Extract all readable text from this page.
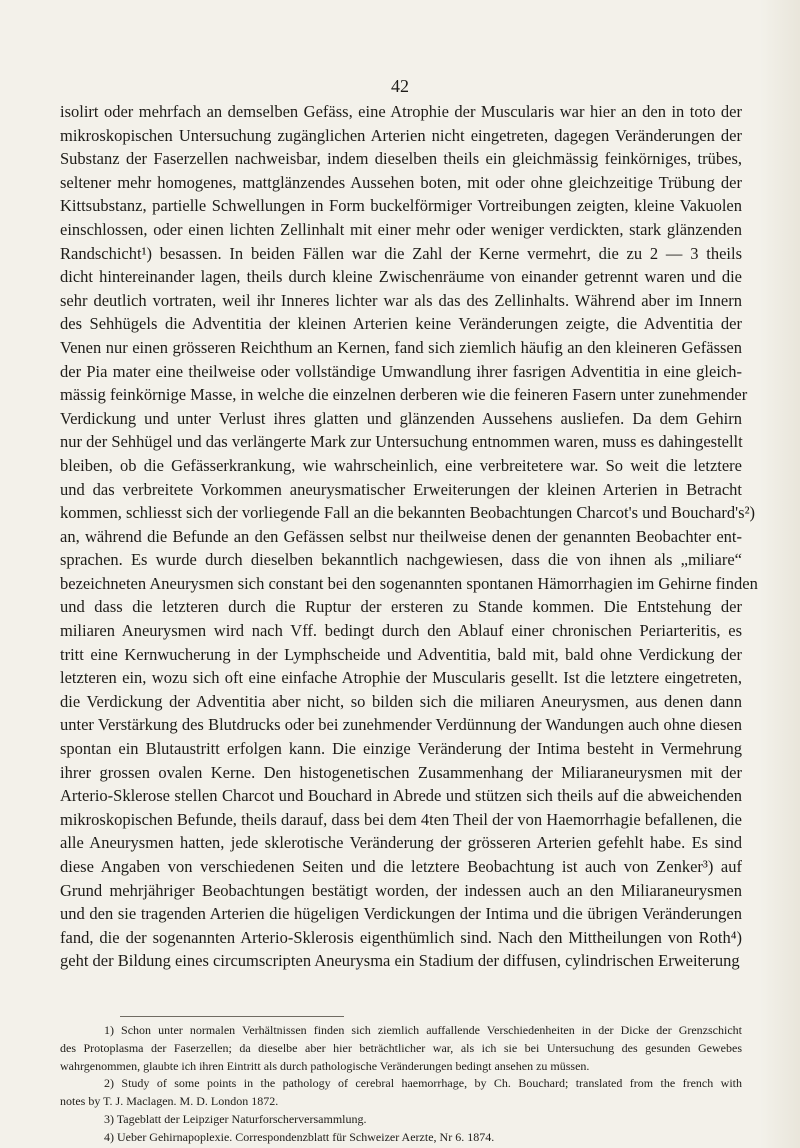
42
isolirt oder mehrfach an demselben Gefäss, eine Atrophie der Muscularis war hier an den in toto der
mikroskopischen Untersuchung zugänglichen Arterien nicht eingetreten, dagegen Veränderungen der
Substanz der Faserzellen nachweisbar, indem dieselben theils ein gleichmässig feinkörniges, trübes,
seltener mehr homogenes, mattglänzendes Aussehen boten, mit oder ohne gleichzeitige Trübung der
Kittsubstanz, partielle Schwellungen in Form buckelförmiger Vortreibungen zeigten, kleine Vakuolen
einschlossen, oder einen lichten Zellinhalt mit einer mehr oder weniger verdickten, stark glänzenden
Randschicht¹) besassen. In beiden Fällen war die Zahl der Kerne vermehrt, die zu 2 — 3 theils
dicht hintereinander lagen, theils durch kleine Zwischenräume von einander getrennt waren und die
sehr deutlich vortraten, weil ihr Inneres lichter war als das des Zellinhalts. Während aber im Innern
des Sehhügels die Adventitia der kleinen Arterien keine Veränderungen zeigte, die Adventitia der
Venen nur einen grösseren Reichthum an Kernen, fand sich ziemlich häufig an den kleineren Gefässen
der Pia mater eine theilweise oder vollständige Umwandlung ihrer fasrigen Adventitia in eine gleich-
mässig feinkörnige Masse, in welche die einzelnen derberen wie die feineren Fasern unter zunehmender
Verdickung und unter Verlust ihres glatten und glänzenden Aussehens ausliefen. Da dem Gehirn
nur der Sehhügel und das verlängerte Mark zur Untersuchung entnommen waren, muss es dahingestellt
bleiben, ob die Gefässerkrankung, wie wahrscheinlich, eine verbreitetere war. So weit die letztere
und das verbreitete Vorkommen aneurysmatischer Erweiterungen der kleinen Arterien in Betracht
kommen, schliesst sich der vorliegende Fall an die bekannten Beobachtungen Charcot's und Bouchard's²)
an, während die Befunde an den Gefässen selbst nur theilweise denen der genannten Beobachter ent-
sprachen. Es wurde durch dieselben bekanntlich nachgewiesen, dass die von ihnen als „miliare“
bezeichneten Aneurysmen sich constant bei den sogenannten spontanen Hämorrhagien im Gehirne finden
und dass die letzteren durch die Ruptur der ersteren zu Stande kommen. Die Entstehung der
miliaren Aneurysmen wird nach Vff. bedingt durch den Ablauf einer chronischen Periarteritis, es
tritt eine Kernwucherung in der Lymphscheide und Adventitia, bald mit, bald ohne Verdickung der
letzteren ein, wozu sich oft eine einfache Atrophie der Muscularis gesellt. Ist die letztere eingetreten,
die Verdickung der Adventitia aber nicht, so bilden sich die miliaren Aneurysmen, aus denen dann
unter Verstärkung des Blutdrucks oder bei zunehmender Verdünnung der Wandungen auch ohne diesen
spontan ein Blutaustritt erfolgen kann. Die einzige Veränderung der Intima besteht in Vermehrung
ihrer grossen ovalen Kerne. Den histogenetischen Zusammenhang der Miliaraneurysmen mit der
Arterio-Sklerose stellen Charcot und Bouchard in Abrede und stützen sich theils auf die abweichenden
mikroskopischen Befunde, theils darauf, dass bei dem 4ten Theil der von Haemorrhagie befallenen, die
alle Aneurysmen hatten, jede sklerotische Veränderung der grösseren Arterien gefehlt habe. Es sind
diese Angaben von verschiedenen Seiten und die letztere Beobachtung ist auch von Zenker³) auf
Grund mehrjähriger Beobachtungen bestätigt worden, der indessen auch an den Miliaraneurysmen
und den sie tragenden Arterien die hügeligen Verdickungen der Intima und die übrigen Veränderungen
fand, die der sogenannten Arterio-Sklerosis eigenthümlich sind. Nach den Mittheilungen von Roth⁴)
geht der Bildung eines circumscripten Aneurysma ein Stadium der diffusen, cylindrischen Erweiterung
1) Schon unter normalen Verhältnissen finden sich ziemlich auffallende Verschiedenheiten in der Dicke der Grenzschicht
des Protoplasma der Faserzellen; da dieselbe aber hier beträchtlicher war, als ich sie bei Untersuchung des gesunden Gewebes
wahrgenommen, glaubte ich ihren Eintritt als durch pathologische Veränderungen bedingt ansehen zu müssen.
2) Study of some points in the pathology of cerebral haemorrhage, by Ch. Bouchard; translated from the french with
notes by T. J. Maclagen. M. D. London 1872.
3) Tageblatt der Leipziger Naturforscherversammlung.
4) Ueber Gehirnapoplexie. Correspondenzblatt für Schweizer Aerzte, Nr 6. 1874.
